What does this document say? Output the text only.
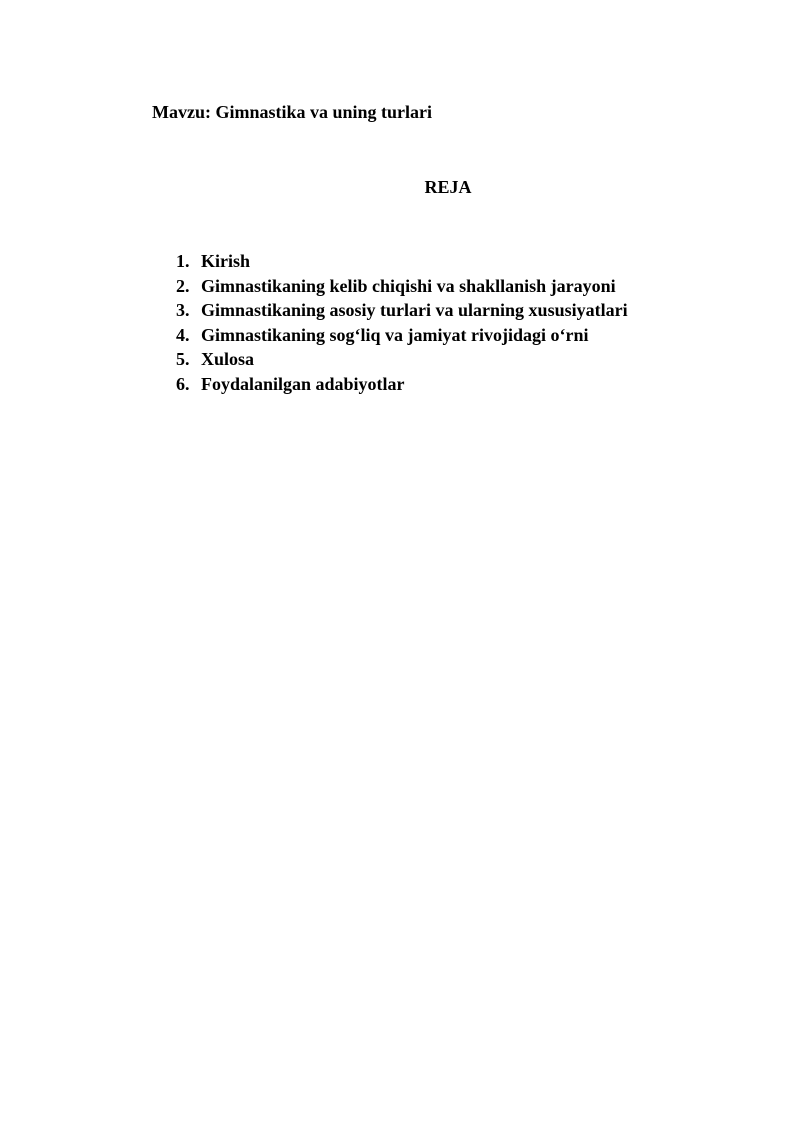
Mavzu: Gimnastika va uning turlari
REJA
1. Kirish
2. Gimnastikaning kelib chiqishi va shakllanish jarayoni
3. Gimnastikaning asosiy turlari va ularning xususiyatlari
4. Gimnastikaning sog‘liq va jamiyat rivojidagi o‘rni
5. Xulosa
6. Foydalanilgan adabiyotlar
